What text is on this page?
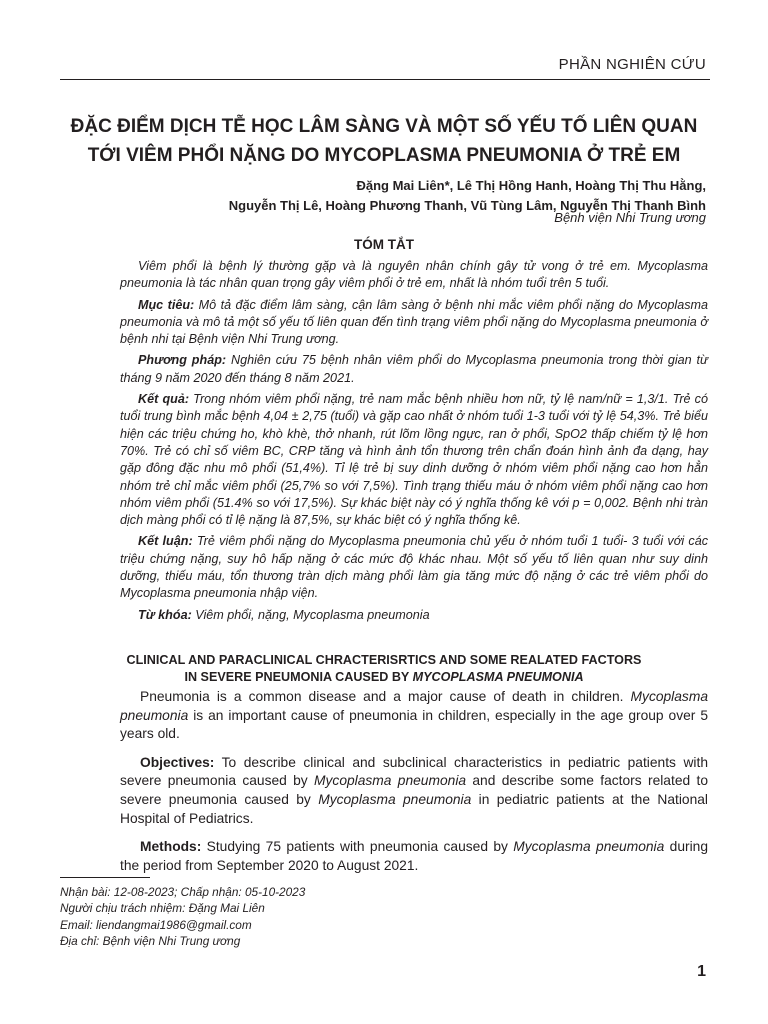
PHẦN NGHIÊN CỨU
ĐẶC ĐIỂM DỊCH TỄ HỌC LÂM SÀNG VÀ MỘT SỐ YẾU TỐ LIÊN QUAN
TỚI VIÊM PHỔI NẶNG DO MYCOPLASMA PNEUMONIA Ở TRẺ EM
Đặng Mai Liên*, Lê Thị Hồng Hanh, Hoàng Thị Thu Hằng,
Nguyễn Thị Lê, Hoàng Phương Thanh, Vũ Tùng Lâm, Nguyễn Thị Thanh Bình
Bệnh viện Nhi Trung ương
TÓM TẮT

Viêm phổi là bệnh lý thường gặp và là nguyên nhân chính gây tử vong ở trẻ em. Mycoplasma pneumonia là tác nhân quan trọng gây viêm phổi ở trẻ em, nhất là nhóm tuổi trên 5 tuổi.

Mục tiêu: Mô tả đặc điểm lâm sàng, cận lâm sàng ở bệnh nhi mắc viêm phổi nặng do Mycoplasma pneumonia và mô tả một số yếu tố liên quan đến tình trạng viêm phổi nặng do Mycoplasma pneumonia ở bệnh nhi tại Bệnh viện Nhi Trung ương.

Phương pháp: Nghiên cứu 75 bệnh nhân viêm phổi do Mycoplasma pneumonia trong thời gian từ tháng 9 năm 2020 đến tháng 8 năm 2021.

Kết quả: Trong nhóm viêm phổi nặng, trẻ nam mắc bệnh nhiều hơn nữ, tỷ lệ nam/nữ = 1,3/1. Trẻ có tuổi trung bình mắc bệnh 4,04 ± 2,75 (tuổi) và gặp cao nhất ở nhóm tuổi 1-3 tuổi với tỷ lệ 54,3%. Trẻ biểu hiện các triệu chứng ho, khò khè, thở nhanh, rút lõm lồng ngực, ran ở phổi, SpO2 thấp chiếm tỷ lệ hơn 70%. Trẻ có chỉ số viêm BC, CRP tăng và hình ảnh tổn thương trên chẩn đoán hình ảnh đa dạng, hay gặp đông đặc nhu mô phổi (51,4%). Tỉ lệ trẻ bị suy dinh dưỡng ở nhóm viêm phổi nặng cao hơn hẳn nhóm trẻ chỉ mắc viêm phổi (25,7% so với 7,5%). Tình trạng thiếu máu ở nhóm viêm phổi nặng cao hơn nhóm viêm phổi (51.4% so với 17,5%). Sự khác biệt này có ý nghĩa thống kê với p = 0,002. Bệnh nhi tràn dịch màng phổi có tỉ lệ nặng là 87,5%, sự khác biệt có ý nghĩa thống kê.

Kết luận: Trẻ viêm phổi nặng do Mycoplasma pneumonia chủ yếu ở nhóm tuổi 1 tuổi- 3 tuổi với các triệu chứng nặng, suy hô hấp nặng ở các mức độ khác nhau. Một số yếu tố liên quan như suy dinh dưỡng, thiếu máu, tổn thương tràn dịch màng phổi làm gia tăng mức độ nặng ở các trẻ viêm phổi do Mycoplasma pneumonia nhập viện.

Từ khóa: Viêm phổi, nặng, Mycoplasma pneumonia

CLINICAL AND PARACLINICAL CHRACTERISRTICS AND SOME REALATED FACTORS
IN SEVERE PNEUMONIA CAUSED BY MYCOPLASMA PNEUMONIA

Pneumonia is a common disease and a major cause of death in children. Mycoplasma pneumonia is an important cause of pneumonia in children, especially in the age group over 5 years old.

Objectives: To describe clinical and subclinical characteristics in pediatric patients with severe pneumonia caused by Mycoplasma pneumonia and describe some factors related to severe pneumonia caused by Mycoplasma pneumonia in pediatric patients at the National Hospital of Pediatrics.

Methods: Studying 75 patients with pneumonia caused by Mycoplasma pneumonia during the period from September 2020 to August 2021.

Nhận bài: 12-08-2023; Chấp nhận: 05-10-2023
Người chịu trách nhiệm: Đặng Mai Liên
Email: liendangmai1986@gmail.com
Địa chỉ: Bệnh viện Nhi Trung ương
1
